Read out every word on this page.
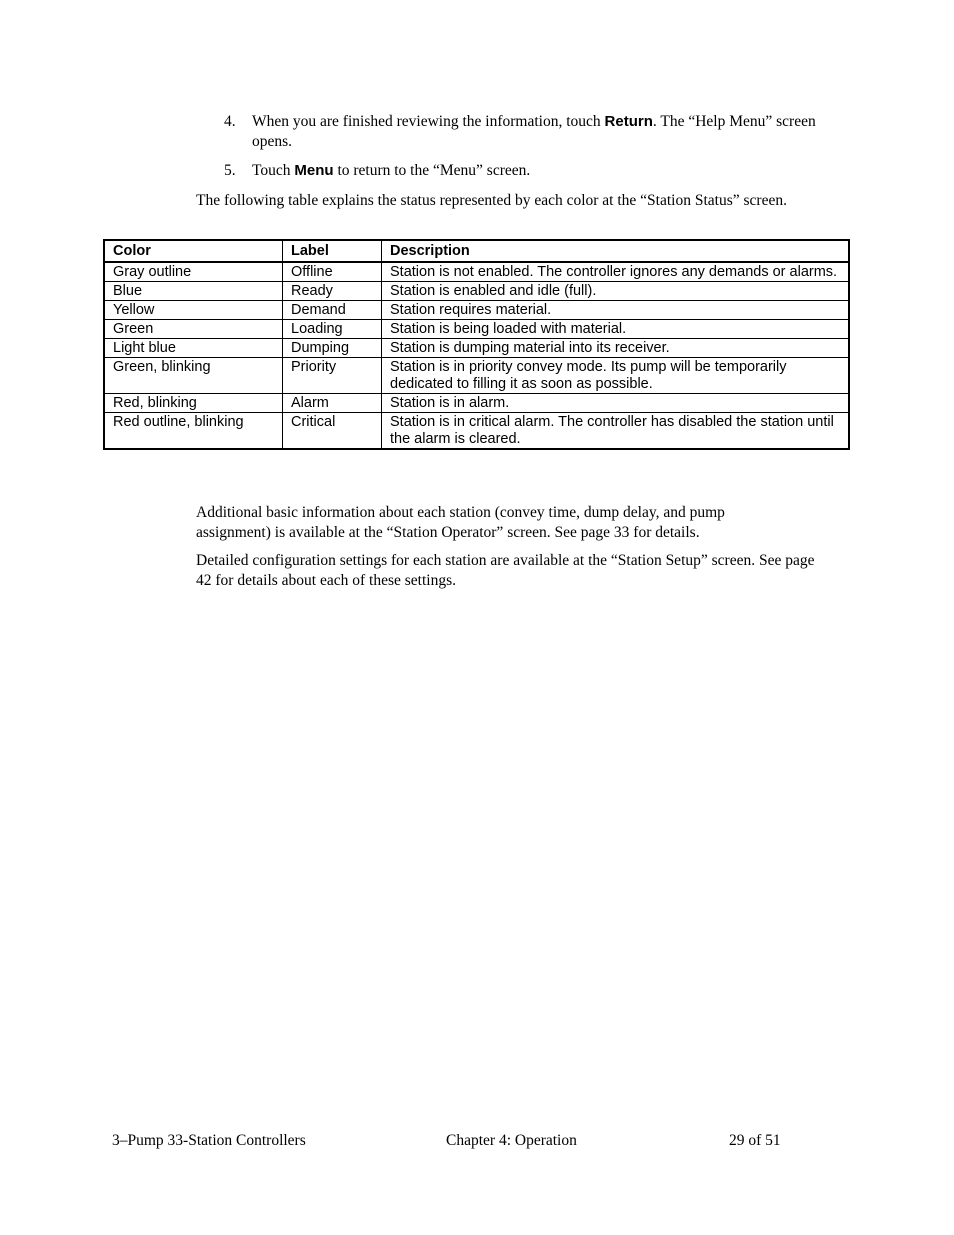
4. When you are finished reviewing the information, touch Return. The “Help Menu” screen opens.
5. Touch Menu to return to the “Menu” screen.
The following table explains the status represented by each color at the “Station Status” screen.
Color	Label	Description
Gray outline	Offline	Station is not enabled. The controller ignores any demands or alarms.
Blue	Ready	Station is enabled and idle (full).
Yellow	Demand	Station requires material.
Green	Loading	Station is being loaded with material.
Light blue	Dumping	Station is dumping material into its receiver.
Green, blinking	Priority	Station is in priority convey mode. Its pump will be temporarily dedicated to filling it as soon as possible.
Red, blinking	Alarm	Station is in alarm.
Red outline, blinking	Critical	Station is in critical alarm. The controller has disabled the station until the alarm is cleared.
Additional basic information about each station (convey time, dump delay, and pump assignment) is available at the “Station Operator” screen. See page 33 for details.
Detailed configuration settings for each station are available at the “Station Setup” screen. See page 42 for details about each of these settings.
3–Pump 33-Station Controllers	Chapter 4: Operation	29 of 51
